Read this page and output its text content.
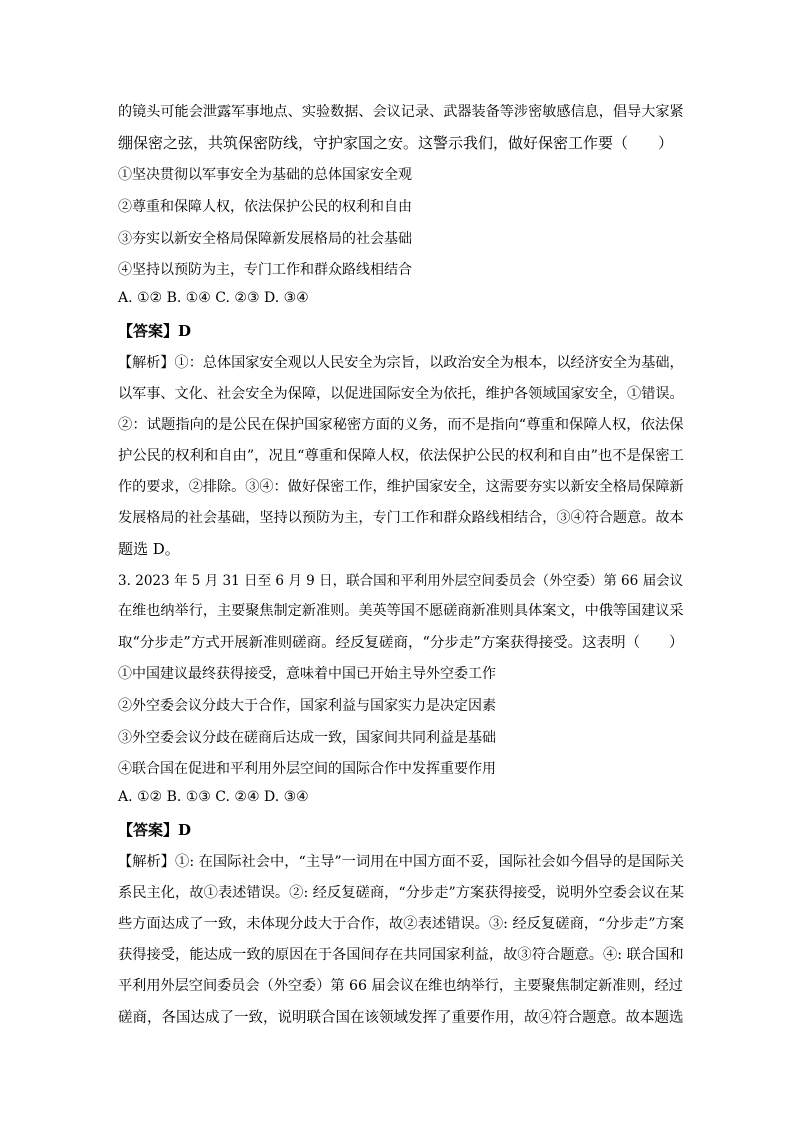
的镜头可能会泄露军事地点、实验数据、会议记录、武器装备等涉密敏感信息，倡导大家紧
绷保密之弦，共筑保密防线，守护家国之安。这警示我们，做好保密工作要（　　）
①坚决贯彻以军事安全为基础的总体国家安全观
②尊重和保障人权，依法保护公民的权利和自由
③夯实以新安全格局保障新发展格局的社会基础
④坚持以预防为主，专门工作和群众路线相结合
A. ①② B. ①④ C. ②③ D. ③④
【答案】D
【解析】①：总体国家安全观以人民安全为宗旨，以政治安全为根本，以经济安全为基础，
以军事、文化、社会安全为保障，以促进国际安全为依托，维护各领域国家安全，①错误。
②：试题指向的是公民在保护国家秘密方面的义务，而不是指向“尊重和保障人权，依法保
护公民的权利和自由”，况且“尊重和保障人权，依法保护公民的权利和自由”也不是保密工
作的要求，②排除。③④：做好保密工作，维护国家安全，这需要夯实以新安全格局保障新
发展格局的社会基础，坚持以预防为主，专门工作和群众路线相结合，③④符合题意。故本
题选 D。
3. 2023 年 5 月 31 日至 6 月 9 日，联合国和平利用外层空间委员会（外空委）第 66 届会议
在维也纳举行，主要聚焦制定新准则。美英等国不愿磋商新准则具体案文，中俄等国建议采
取“分步走”方式开展新准则磋商。经反复磋商，“分步走”方案获得接受。这表明（　　）
①中国建议最终获得接受，意味着中国已开始主导外空委工作
②外空委会议分歧大于合作，国家利益与国家实力是决定因素
③外空委会议分歧在磋商后达成一致，国家间共同利益是基础
④联合国在促进和平利用外层空间的国际合作中发挥重要作用
A. ①② B. ①③ C. ②④ D. ③④
【答案】D
【解析】①: 在国际社会中，“主导”一词用在中国方面不妥，国际社会如今倡导的是国际关
系民主化，故①表述错误。②: 经反复磋商，“分步走”方案获得接受，说明外空委会议在某
些方面达成了一致，未体现分歧大于合作，故②表述错误。③: 经反复磋商，“分步走”方案
获得接受，能达成一致的原因在于各国间存在共同国家利益，故③符合题意。④: 联合国和
平利用外层空间委员会（外空委）第 66 届会议在维也纳举行，主要聚焦制定新准则，经过
磋商，各国达成了一致，说明联合国在该领域发挥了重要作用，故④符合题意。故本题选
